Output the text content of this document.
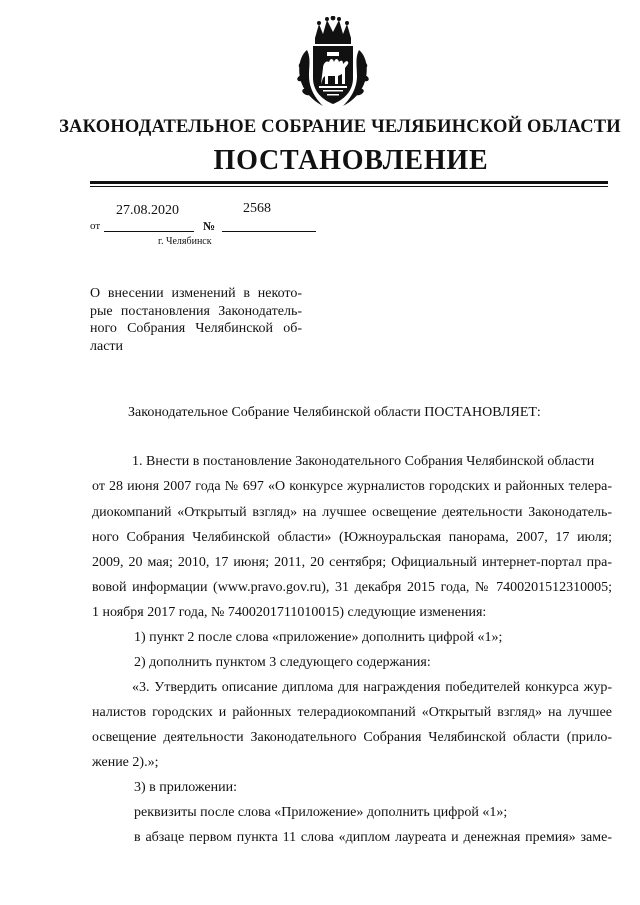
ЗАКОНОДАТЕЛЬНОЕ СОБРАНИЕ ЧЕЛЯБИНСКОЙ ОБЛАСТИ
ПОСТАНОВЛЕНИЕ
27.08.2020	2568
от	№
г. Челябинск
О внесении изменений в некото-
рые постановления Законодатель-
ного Собрания Челябинской об-
ласти
Законодательное Собрание Челябинской области ПОСТАНОВЛЯЕТ:
1. Внести в постановление Законодательного Собрания Челябинской области
от 28 июня 2007 года № 697 «О конкурсе журналистов городских и районных телера-
диокомпаний «Открытый взгляд» на лучшее освещение деятельности Законодатель-
ного Собрания Челябинской области» (Южноуральская панорама, 2007, 17 июля;
2009, 20 мая; 2010, 17 июня; 2011, 20 сентября; Официальный интернет-портал пра-
вовой информации (www.pravo.gov.ru), 31 декабря 2015 года, № 7400201512310005;
1 ноября 2017 года, № 7400201711010015) следующие изменения:
1) пункт 2 после слова «приложение» дополнить цифрой «1»;
2) дополнить пунктом 3 следующего содержания:
«3. Утвердить описание диплома для награждения победителей конкурса жур-
налистов городских и районных телерадиокомпаний «Открытый взгляд» на лучшее
освещение деятельности Законодательного Собрания Челябинской области (прило-
жение 2).»;
3) в приложении:
реквизиты после слова «Приложение» дополнить цифрой «1»;
в абзаце первом пункта 11 слова «диплом лауреата и денежная премия» заме-
